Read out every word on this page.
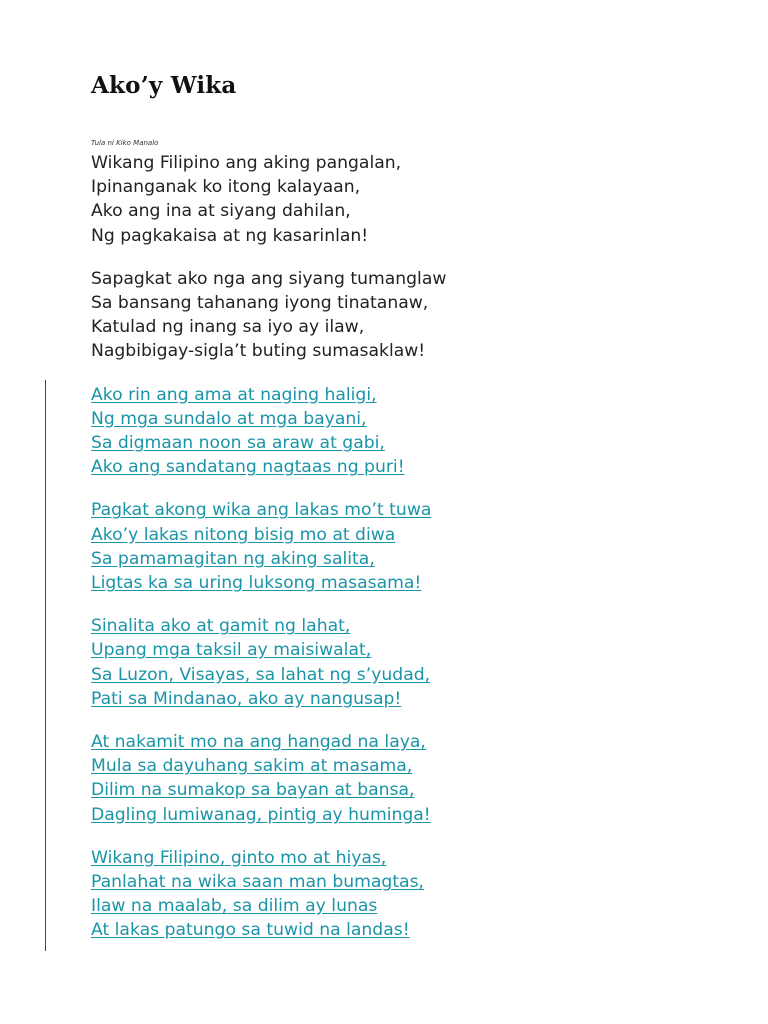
Ako’y Wika
Tula ni Kiko Manalo
Wikang Filipino ang aking pangalan,
Ipinanganak ko itong kalayaan,
Ako ang ina at siyang dahilan,
Ng pagkakaisa at ng kasarinlan!
Sapagkat ako nga ang siyang tumanglaw
Sa bansang tahanang iyong tinatanaw,
Katulad ng inang sa iyo ay ilaw,
Nagbibigay-sigla’t buting sumasaklaw!
Ako rin ang ama at naging haligi,
Ng mga sundalo at mga bayani,
Sa digmaan noon sa araw at gabi,
Ako ang sandatang nagtaas ng puri!
Pagkat akong wika ang lakas mo’t tuwa
Ako’y lakas nitong bisig mo at diwa
Sa pamamagitan ng aking salita,
Ligtas ka sa uring luksong masasama!
Sinalita ako at gamit ng lahat,
Upang mga taksil ay maisiwalat,
Sa Luzon, Visayas, sa lahat ng s’yudad,
Pati sa Mindanao, ako ay nangusap!
At nakamit mo na ang hangad na laya,
Mula sa dayuhang sakim at masama,
Dilim na sumakop sa bayan at bansa,
Dagling lumiwanag, pintig ay huminga!
Wikang Filipino, ginto mo at hiyas,
Panlahat na wika saan man bumagtas,
Ilaw na maalab, sa dilim ay lunas
At lakas patungo sa tuwid na landas!
